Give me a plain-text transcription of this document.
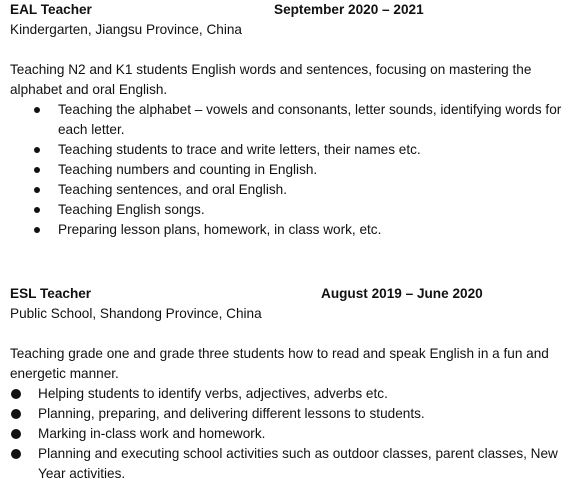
EAL Teacher	September 2020 – 2021
Kindergarten, Jiangsu Province, China
Teaching N2 and K1 students English words and sentences, focusing on mastering the alphabet and oral English.
Teaching the alphabet – vowels and consonants, letter sounds, identifying words for each letter.
Teaching students to trace and write letters, their names etc.
Teaching numbers and counting in English.
Teaching sentences, and oral English.
Teaching English songs.
Preparing lesson plans, homework, in class work, etc.
ESL Teacher	August 2019 – June 2020
Public School, Shandong Province, China
Teaching grade one and grade three students how to read and speak English in a fun and energetic manner.
Helping students to identify verbs, adjectives, adverbs etc.
Planning, preparing, and delivering different lessons to students.
Marking in-class work and homework.
Planning and executing school activities such as outdoor classes, parent classes, New Year activities.
